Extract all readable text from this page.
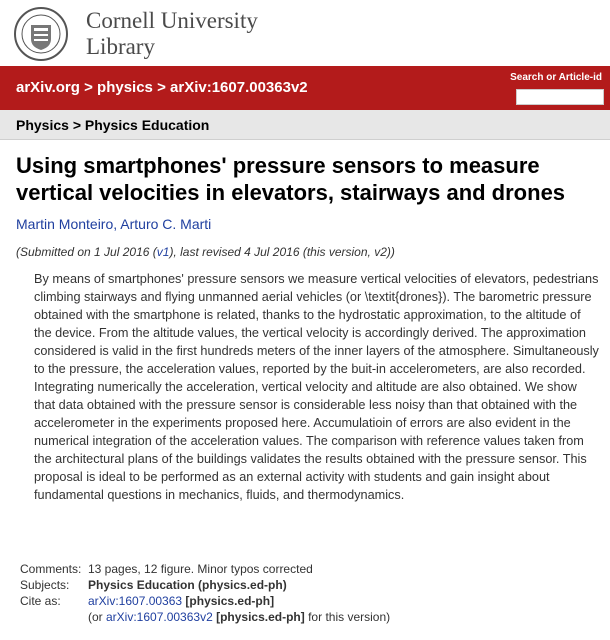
Cornell University
Library
arXiv.org > physics > arXiv:1607.00363v2
Search or Article-id
Physics > Physics Education
Using smartphones' pressure sensors to measure vertical velocities in elevators, stairways and drones
Martin Monteiro, Arturo C. Marti
(Submitted on 1 Jul 2016 (v1), last revised 4 Jul 2016 (this version, v2))
By means of smartphones' pressure sensors we measure vertical velocities of elevators, pedestrians climbing stairways and flying unmanned aerial vehicles (or \textit{drones}). The barometric pressure obtained with the smartphone is related, thanks to the hydrostatic approximation, to the altitude of the device. From the altitude values, the vertical velocity is accordingly derived. The approximation considered is valid in the first hundreds meters of the inner layers of the atmosphere. Simultaneously to the pressure, the acceleration values, reported by the buit-in accelerometers, are also recorded. Integrating numerically the acceleration, vertical velocity and altitude are also obtained. We show that data obtained with the pressure sensor is considerable less noisy than that obtained with the accelerometer in the experiments proposed here. Accumulatioin of errors are also evident in the numerical integration of the acceleration values. The comparison with reference values taken from the architectural plans of the buildings validates the results obtained with the pressure sensor. This proposal is ideal to be performed as an external activity with students and gain insight about fundamental questions in mechanics, fluids, and thermodynamics.
Comments: 13 pages, 12 figure. Minor typos corrected
Subjects:	Physics Education (physics.ed-ph)
Cite as:	arXiv:1607.00363 [physics.ed-ph]
(or arXiv:1607.00363v2 [physics.ed-ph] for this version)
